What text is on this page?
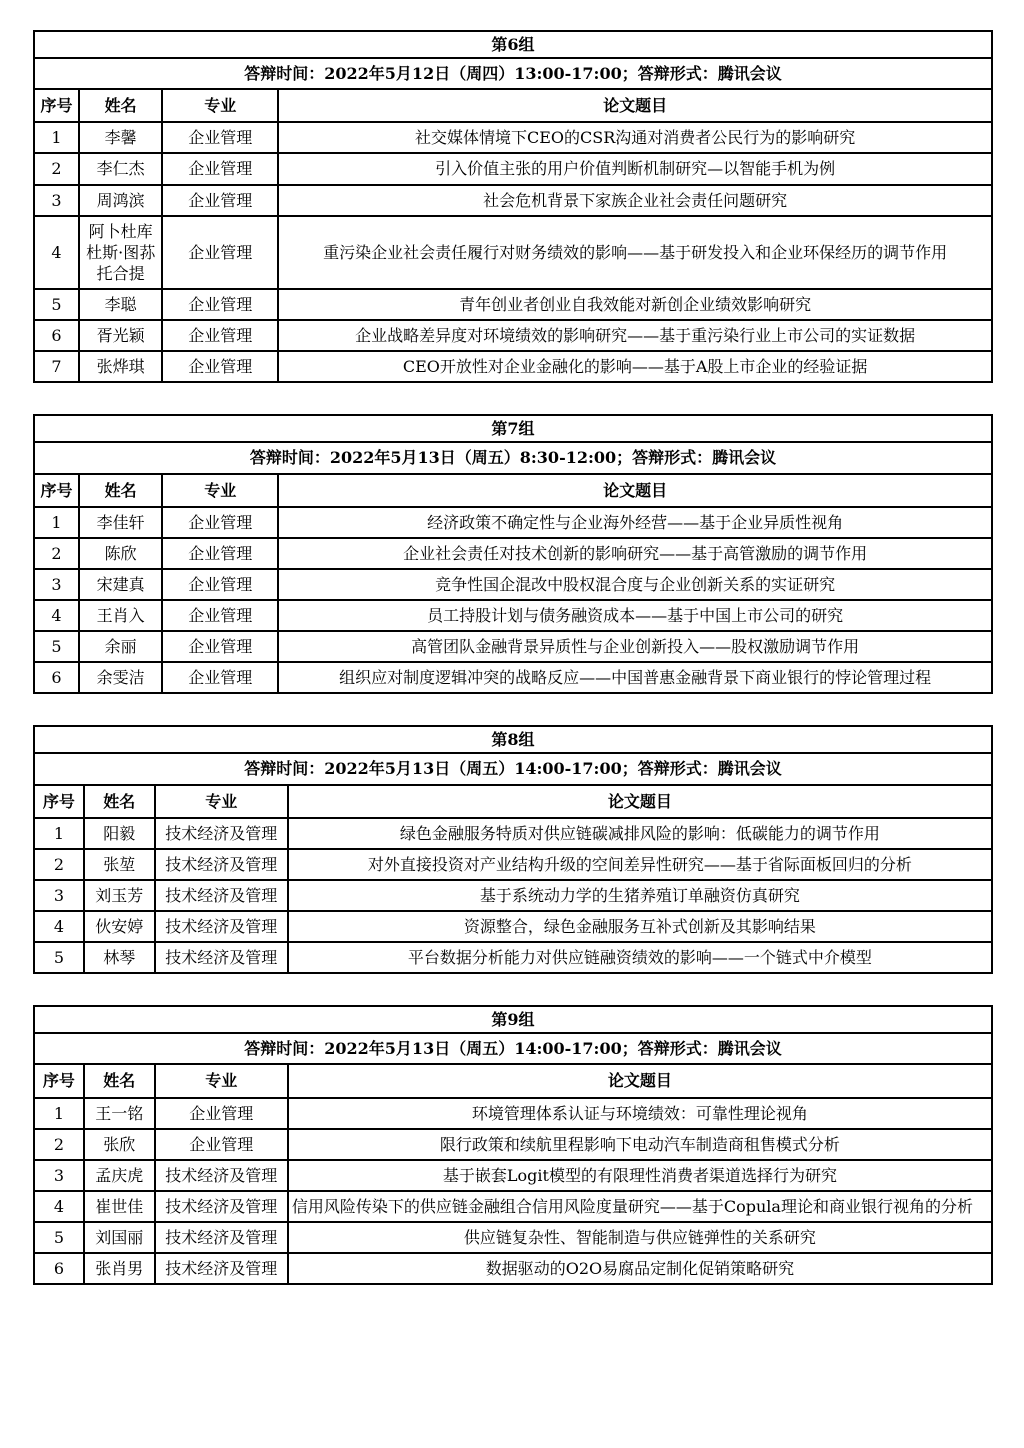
第6组			
答辩时间：2022年5月12日（周四）13:00-17:00；答辩形式：腾讯会议			
序号	姓名	专业	论文题目
1	李馨	企业管理	社交媒体情境下CEO的CSR沟通对消费者公民行为的影响研究
2	李仁杰	企业管理	引入价值主张的用户价值判断机制研究—以智能手机为例
3	周鸿滨	企业管理	社会危机背景下家族企业社会责任问题研究
4	阿卜杜库杜斯·图荪托合提	企业管理	重污染企业社会责任履行对财务绩效的影响——基于研发投入和企业环保经历的调节作用
5	李聪	企业管理	青年创业者创业自我效能对新创企业绩效影响研究
6	胥光颖	企业管理	企业战略差异度对环境绩效的影响研究——基于重污染行业上市公司的实证数据
7	张烨琪	企业管理	CEO开放性对企业金融化的影响——基于A股上市企业的经验证据
第7组			
答辩时间：2022年5月13日（周五）8:30-12:00；答辩形式：腾讯会议			
序号	姓名	专业	论文题目
1	李佳轩	企业管理	经济政策不确定性与企业海外经营——基于企业异质性视角
2	陈欣	企业管理	企业社会责任对技术创新的影响研究——基于高管激励的调节作用
3	宋建真	企业管理	竞争性国企混改中股权混合度与企业创新关系的实证研究
4	王肖入	企业管理	员工持股计划与债务融资成本——基于中国上市公司的研究
5	余丽	企业管理	高管团队金融背景异质性与企业创新投入——股权激励调节作用
6	余雯洁	企业管理	组织应对制度逻辑冲突的战略反应——中国普惠金融背景下商业银行的悖论管理过程
第8组			
答辩时间：2022年5月13日（周五）14:00-17:00；答辩形式：腾讯会议			
序号	姓名	专业	论文题目
1	阳毅	技术经济及管理	绿色金融服务特质对供应链碳减排风险的影响：低碳能力的调节作用
2	张堃	技术经济及管理	对外直接投资对产业结构升级的空间差异性研究——基于省际面板回归的分析
3	刘玉芳	技术经济及管理	基于系统动力学的生猪养殖订单融资仿真研究
4	伙安婷	技术经济及管理	资源整合，绿色金融服务互补式创新及其影响结果
5	林琴	技术经济及管理	平台数据分析能力对供应链融资绩效的影响——一个链式中介模型
第9组			
答辩时间：2022年5月13日（周五）14:00-17:00；答辩形式：腾讯会议			
序号	姓名	专业	论文题目
1	王一铭	企业管理	环境管理体系认证与环境绩效：可靠性理论视角
2	张欣	企业管理	限行政策和续航里程影响下电动汽车制造商租售模式分析
3	孟庆虎	技术经济及管理	基于嵌套Logit模型的有限理性消费者渠道选择行为研究
4	崔世佳	技术经济及管理	信用风险传染下的供应链金融组合信用风险度量研究——基于Copula理论和商业银行视角的分析
5	刘国丽	技术经济及管理	供应链复杂性、智能制造与供应链弹性的关系研究
6	张肖男	技术经济及管理	数据驱动的O2O易腐品定制化促销策略研究
